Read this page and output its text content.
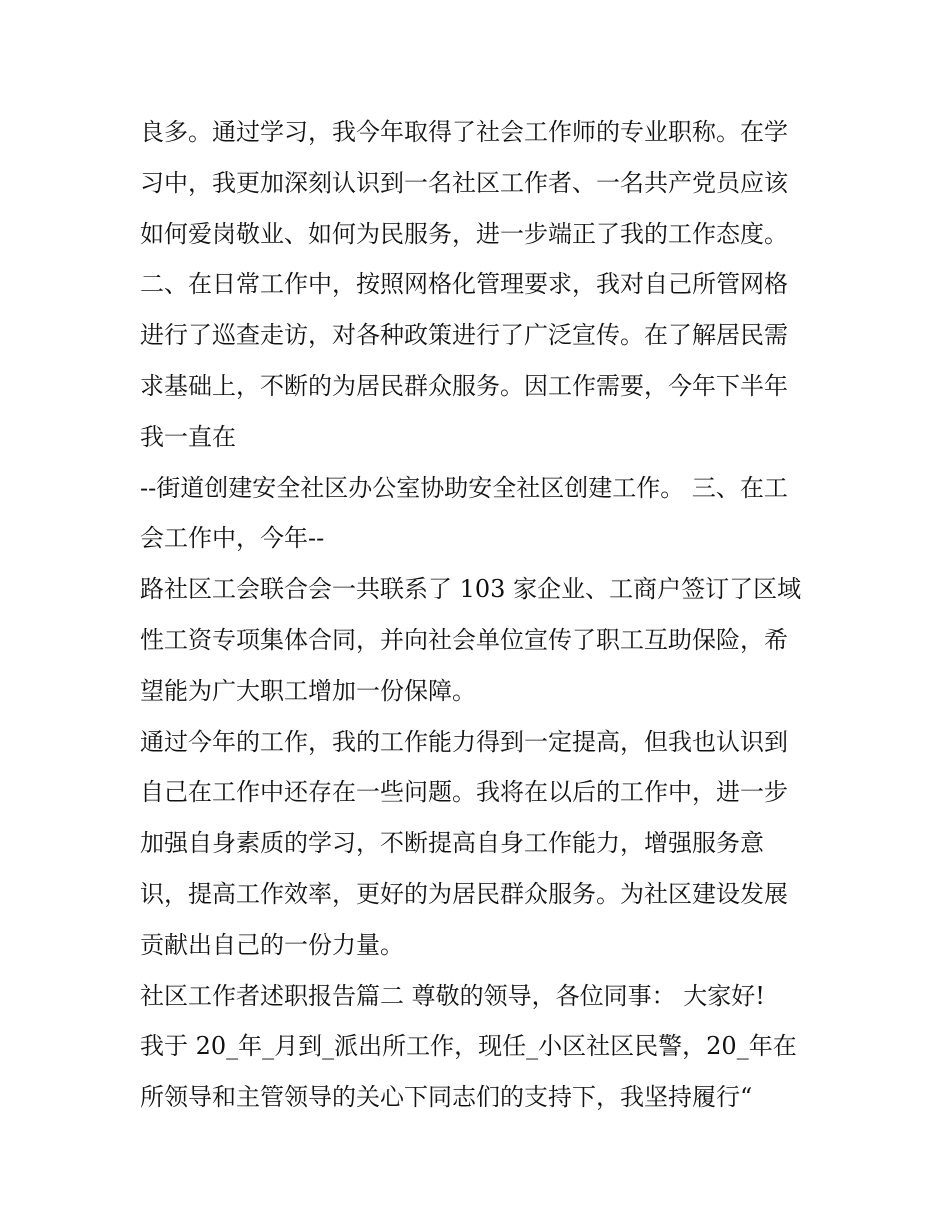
良多。通过学习，我今年取得了社会工作师的专业职称。在学
习中，我更加深刻认识到一名社区工作者、一名共产党员应该
如何爱岗敬业、如何为民服务，进一步端正了我的工作态度。
二、在日常工作中，按照网格化管理要求，我对自己所管网格
进行了巡查走访，对各种政策进行了广泛宣传。在了解居民需
求基础上，不断的为居民群众服务。因工作需要，今年下半年
我一直在
--街道创建安全社区办公室协助安全社区创建工作。 三、在工
会工作中，今年--
路社区工会联合会一共联系了 103 家企业、工商户签订了区域
性工资专项集体合同，并向社会单位宣传了职工互助保险，希
望能为广大职工增加一份保障。
通过今年的工作，我的工作能力得到一定提高，但我也认识到
自己在工作中还存在一些问题。我将在以后的工作中，进一步
加强自身素质的学习，不断提高自身工作能力，增强服务意
识，提高工作效率，更好的为居民群众服务。为社区建设发展
贡献出自己的一份力量。
社区工作者述职报告篇二 尊敬的领导，各位同事： 大家好!
我于 20_年_月到_派出所工作，现任_小区社区民警，20_年在
所领导和主管领导的关心下同志们的支持下，我坚持履行“
